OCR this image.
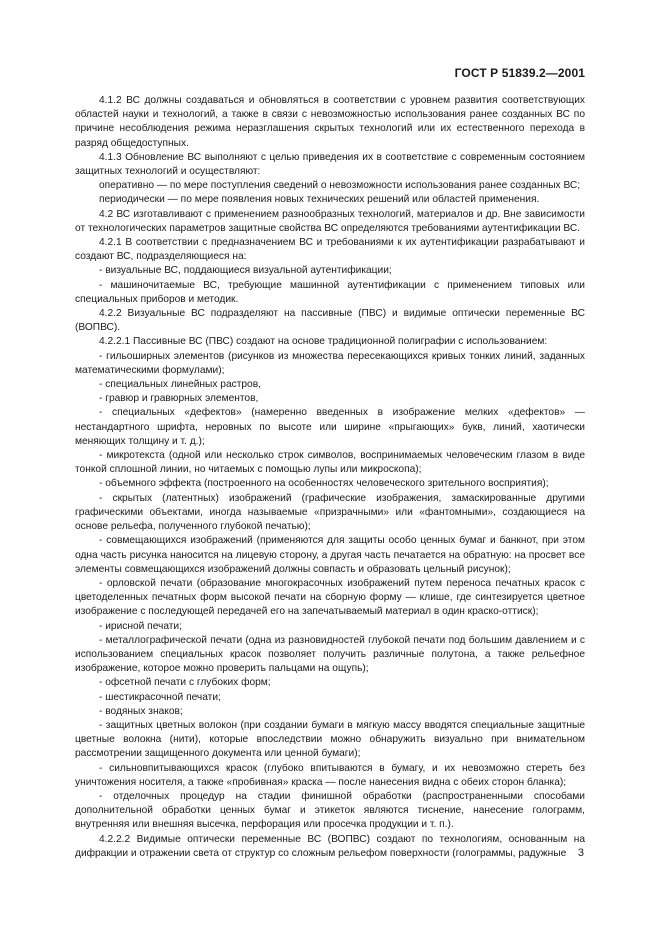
ГОСТ Р 51839.2—2001

4.1.2 ВС должны создаваться и обновляться в соответствии с уровнем развития соответствующих областей науки и технологий, а также в связи с невозможностью использования ранее созданных ВС по причине несоблюдения режима неразглашения скрытых технологий или их естественного перехода в разряд общедоступных.

4.1.3 Обновление ВС выполняют с целью приведения их в соответствие с современным состоянием защитных технологий и осуществляют:

оперативно — по мере поступления сведений о невозможности использования ранее созданных ВС;

периодически — по мере появления новых технических решений или областей применения.

4.2 ВС изготавливают с применением разнообразных технологий, материалов и др. Вне зависимости от технологических параметров защитные свойства ВС определяются требованиями аутентификации ВС.

4.2.1 В соответствии с предназначением ВС и требованиями к их аутентификации разрабатывают и создают ВС, подразделяющиеся на:

- визуальные ВС, поддающиеся визуальной аутентификации;

- машиночитаемые ВС, требующие машинной аутентификации с применением типовых или специальных приборов и методик.

4.2.2 Визуальные ВС подразделяют на пассивные (ПВС) и видимые оптически переменные ВС (ВОПВС).

4.2.2.1 Пассивные ВС (ПВС) создают на основе традиционной полиграфии с использованием:

- гильоширных элементов (рисунков из множества пересекающихся кривых тонких линий, заданных математическими формулами);

- специальных линейных растров,

- гравюр и гравюрных элементов,

- специальных «дефектов» (намеренно введенных в изображение мелких «дефектов» — нестандартного шрифта, неровных по высоте или ширине «прыгающих» букв, линий, хаотически меняющих толщину и т. д.);

- микротекста (одной или несколько строк символов, воспринимаемых человеческим глазом в виде тонкой сплошной линии, но читаемых с помощью лупы или микроскопа);

- объемного эффекта (построенного на особенностях человеческого зрительного восприятия);

- скрытых (латентных) изображений (графические изображения, замаскированные другими графическими объектами, иногда называемые «призрачными» или «фантомными», создающиеся на основе рельефа, полученного глубокой печатью);

- совмещающихся изображений (применяются для защиты особо ценных бумаг и банкнот, при этом одна часть рисунка наносится на лицевую сторону, а другая часть печатается на обратную: на просвет все элементы совмещающихся изображений должны совпасть и образовать цельный рисунок);

- орловской печати (образование многокрасочных изображений путем переноса печатных красок с цветоделенных печатных форм высокой печати на сборную форму — клише, где синтезируется цветное изображение с последующей передачей его на запечатываемый материал в один краско-оттиск);

- ирисной печати;

- металлографической печати (одна из разновидностей глубокой печати под большим давлением и с использованием специальных красок позволяет получить различные полутона, а также рельефное изображение, которое можно проверить пальцами на ощупь);

- офсетной печати с глубоких форм;

- шестикрасочной печати;

- водяных знаков;

- защитных цветных волокон (при создании бумаги в мягкую массу вводятся специальные защитные цветные волокна (нити), которые впоследствии можно обнаружить визуально при внимательном рассмотрении защищенного документа или ценной бумаги);

- сильновпитывающихся красок (глубоко впитываются в бумагу, и их невозможно стереть без уничтожения носителя, а также «пробивная» краска — после нанесения видна с обеих сторон бланка);

- отделочных процедур на стадии финишной обработки (распространенными способами дополнительной обработки ценных бумаг и этикеток являются тиснение, нанесение голограмм, внутренняя или внешняя высечка, перфорация или просечка продукции и т. п.).

4.2.2.2 Видимые оптически переменные ВС (ВОПВС) создают по технологиям, основанным на дифракции и отражении света от структур со сложным рельефом поверхности (голограммы, радужные	3
